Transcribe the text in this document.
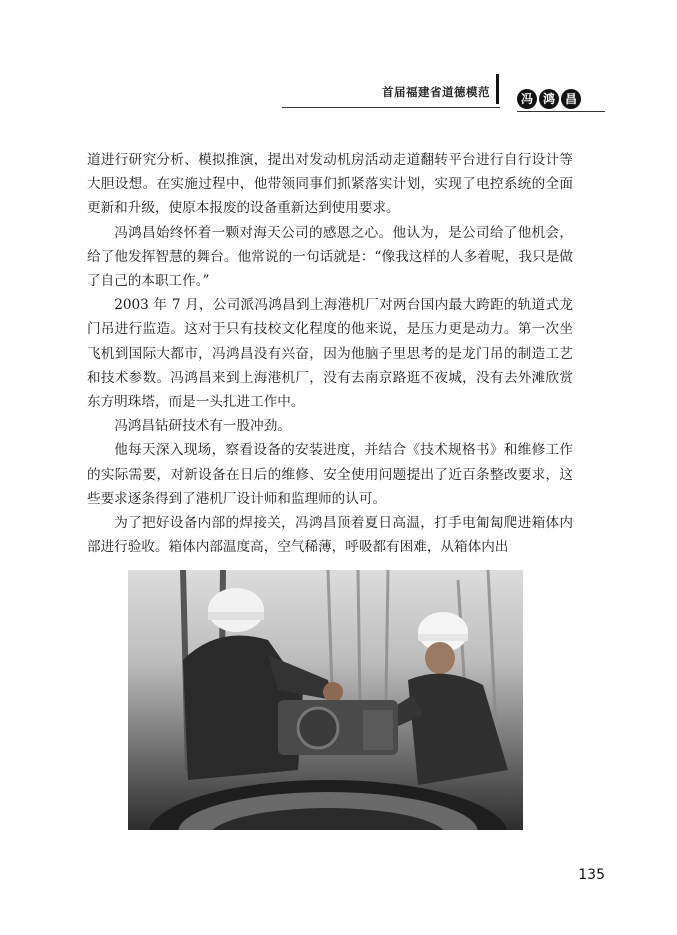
首届福建省道德模范	冯 鸿 昌

道进行研究分析、模拟推演，提出对发动机房活动走道翻转平台进行自行设计等大胆设想。在实施过程中，他带领同事们抓紧落实计划，实现了电控系统的全面更新和升级，使原本报废的设备重新达到使用要求。

冯鸿昌始终怀着一颗对海天公司的感恩之心。他认为，是公司给了他机会，给了他发挥智慧的舞台。他常说的一句话就是：“像我这样的人多着呢，我只是做了自己的本职工作。”

2003 年 7 月，公司派冯鸿昌到上海港机厂对两台国内最大跨距的轨道式龙门吊进行监造。这对于只有技校文化程度的他来说，是压力更是动力。第一次坐飞机到国际大都市，冯鸿昌没有兴奋，因为他脑子里思考的是龙门吊的制造工艺和技术参数。冯鸿昌来到上海港机厂，没有去南京路逛不夜城，没有去外滩欣赏东方明珠塔，而是一头扎进工作中。

冯鸿昌钻研技术有一股冲劲。

他每天深入现场，察看设备的安装进度，并结合《技术规格书》和维修工作的实际需要，对新设备在日后的维修、安全使用问题提出了近百条整改要求，这些要求逐条得到了港机厂设计师和监理师的认可。

为了把好设备内部的焊接关，冯鸿昌顶着夏日高温，打手电匍匐爬进箱体内部进行验收。箱体内部温度高，空气稀薄，呼吸都有困难，从箱体内出

135
